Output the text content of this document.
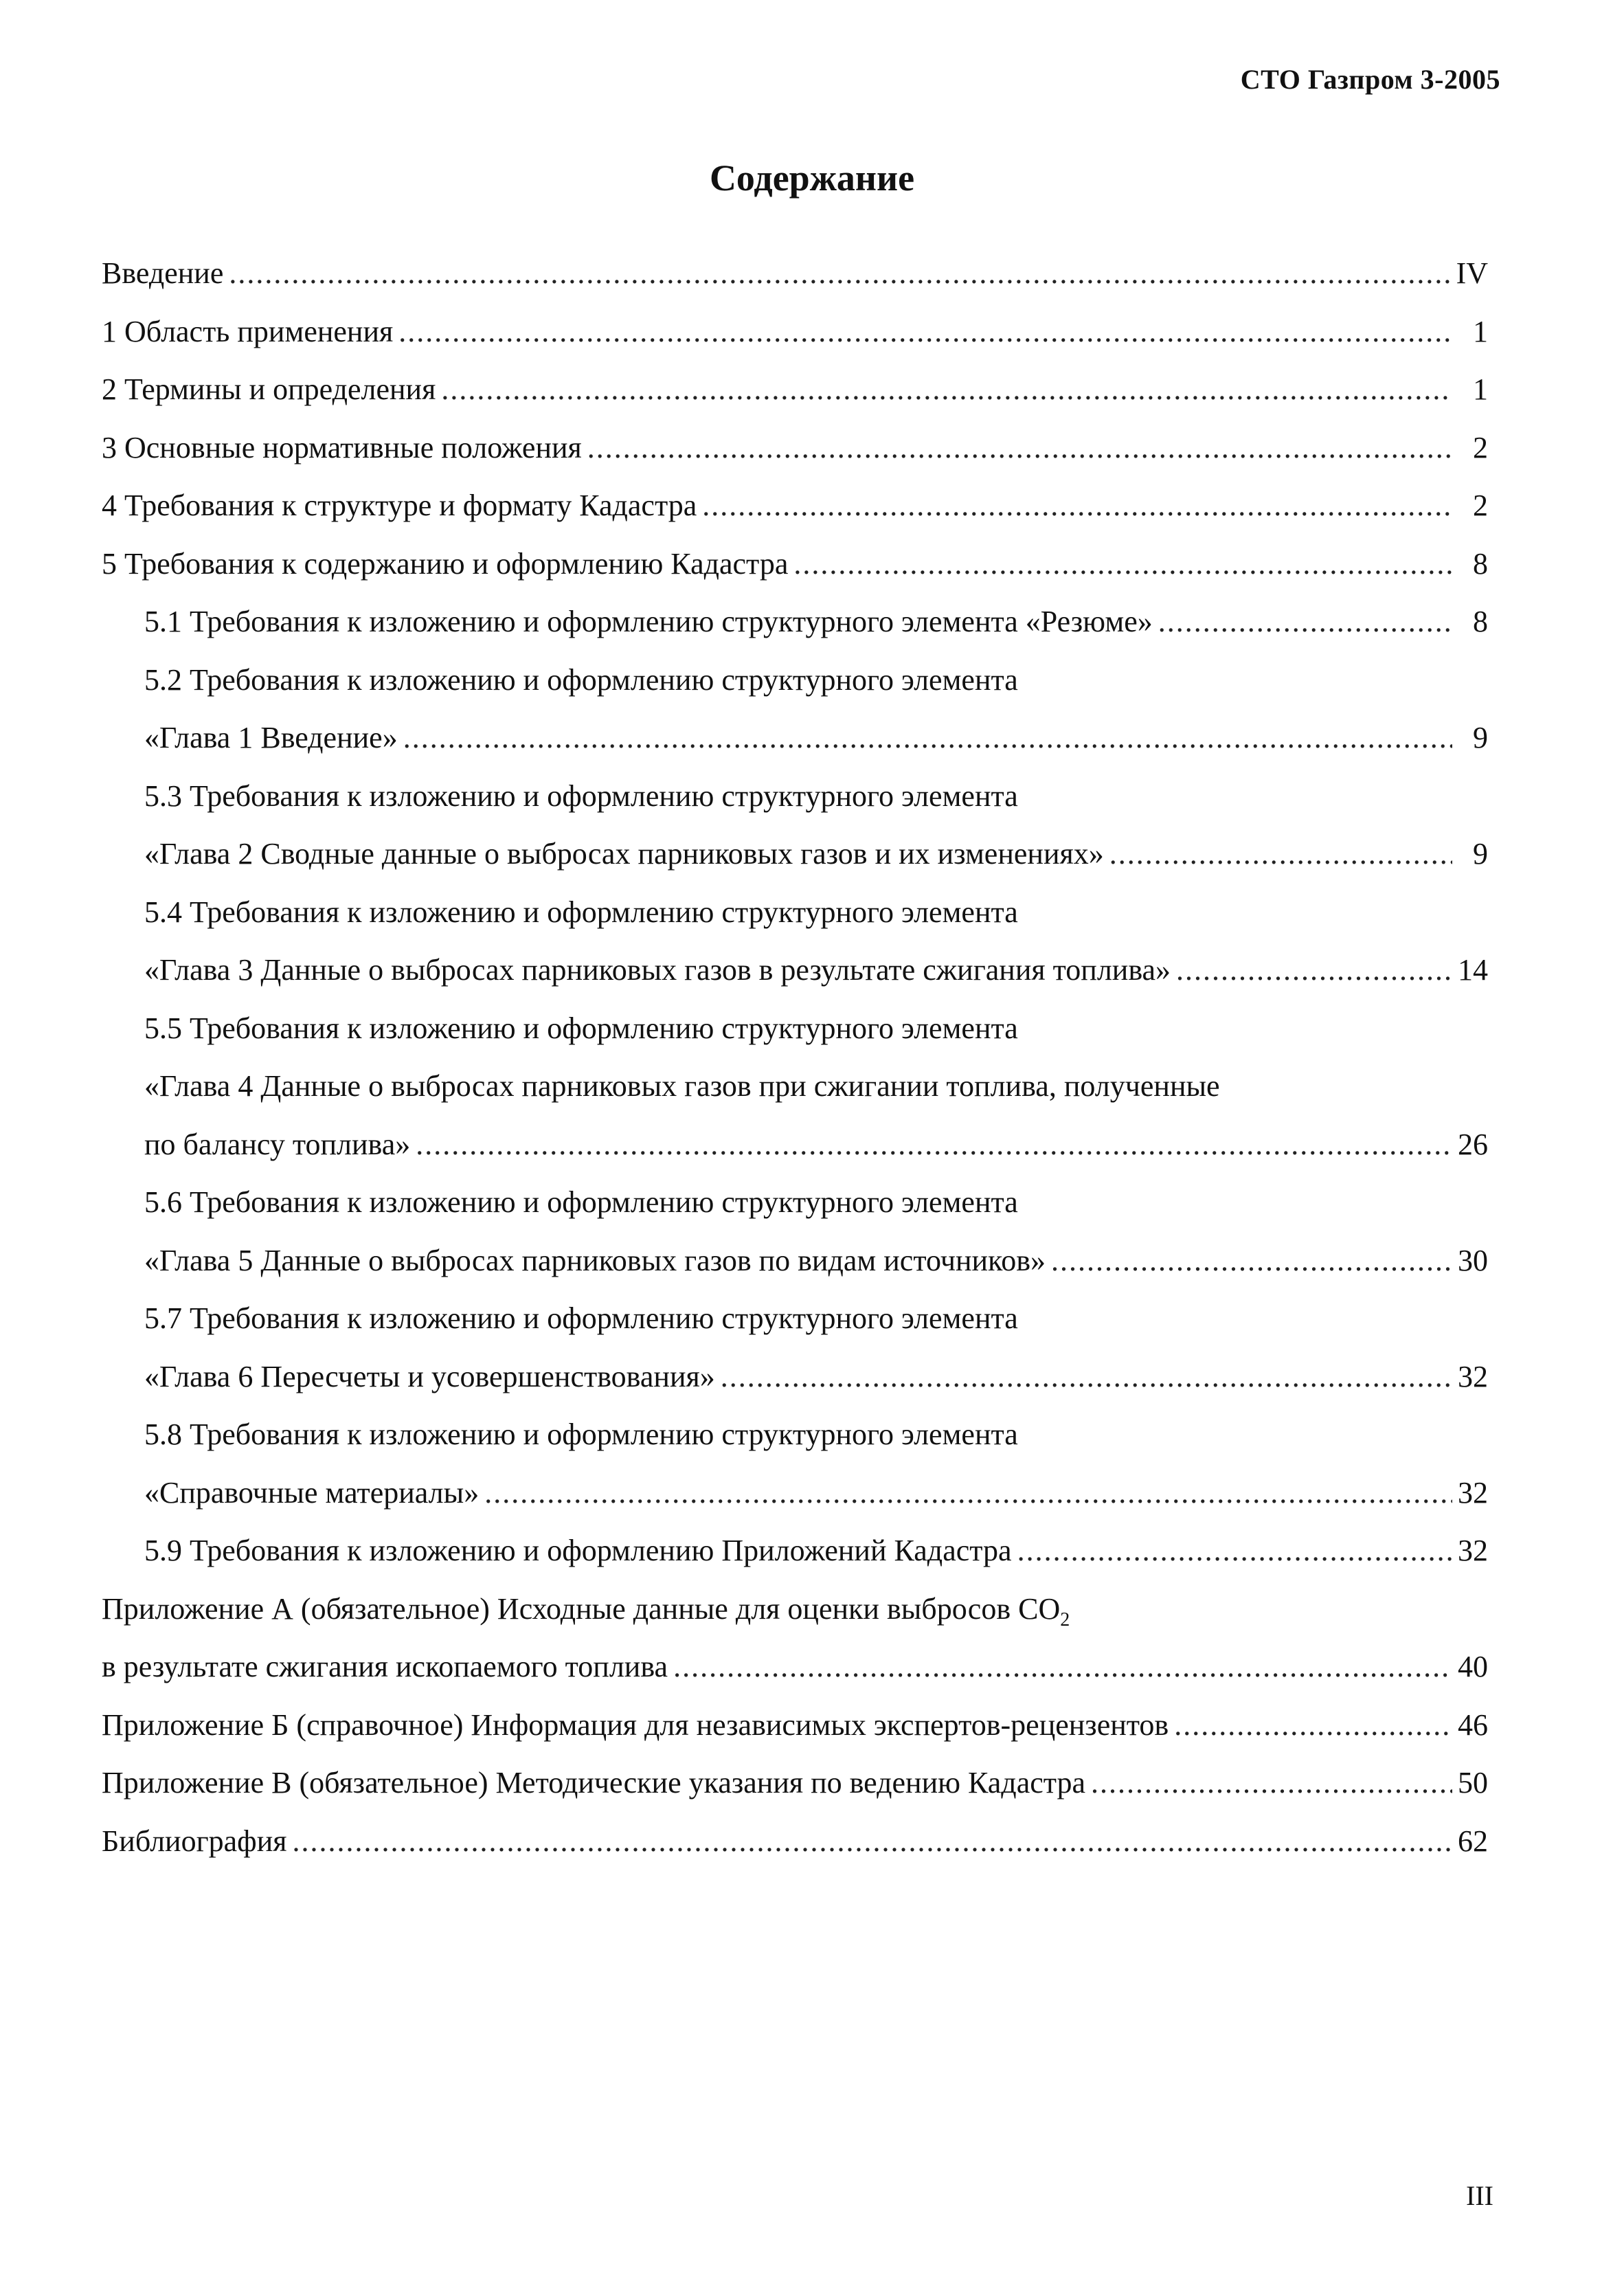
СТО Газпром 3-2005
Содержание
Введение .....	IV
1 Область применения .....	1
2 Термины и определения .....	1
3 Основные нормативные положения .....	2
4 Требования к структуре и формату Кадастра .....	2
5 Требования к содержанию и оформлению Кадастра .....	8
5.1 Требования к изложению и оформлению структурного элемента «Резюме» .....	8
5.2 Требования к изложению и оформлению структурного элемента
«Глава 1 Введение» .....	9
5.3 Требования к изложению и оформлению структурного элемента
«Глава 2 Сводные данные о выбросах парниковых газов и их изменениях» .....	9
5.4 Требования к изложению и оформлению структурного элемента
«Глава 3 Данные о выбросах парниковых газов в результате сжигания топлива» .....	14
5.5 Требования к изложению и оформлению структурного элемента
«Глава 4 Данные о выбросах парниковых газов при сжигании топлива, полученные
по балансу топлива» .....	26
5.6 Требования к изложению и оформлению структурного элемента
«Глава 5 Данные о выбросах парниковых газов по видам источников» .....	30
5.7 Требования к изложению и оформлению структурного элемента
«Глава 6 Пересчеты и усовершенствования» .....	32
5.8 Требования к изложению и оформлению структурного элемента
«Справочные материалы» .....	32
5.9 Требования к изложению и оформлению Приложений Кадастра .....	32
Приложение А (обязательное) Исходные данные для оценки выбросов $CO_2$
в результате сжигания ископаемого топлива .....	40
Приложение Б (справочное) Информация для независимых экспертов-рецензентов .....	46
Приложение В (обязательное) Методические указания по ведению Кадастра .....	50
Библиография .....	62
III
